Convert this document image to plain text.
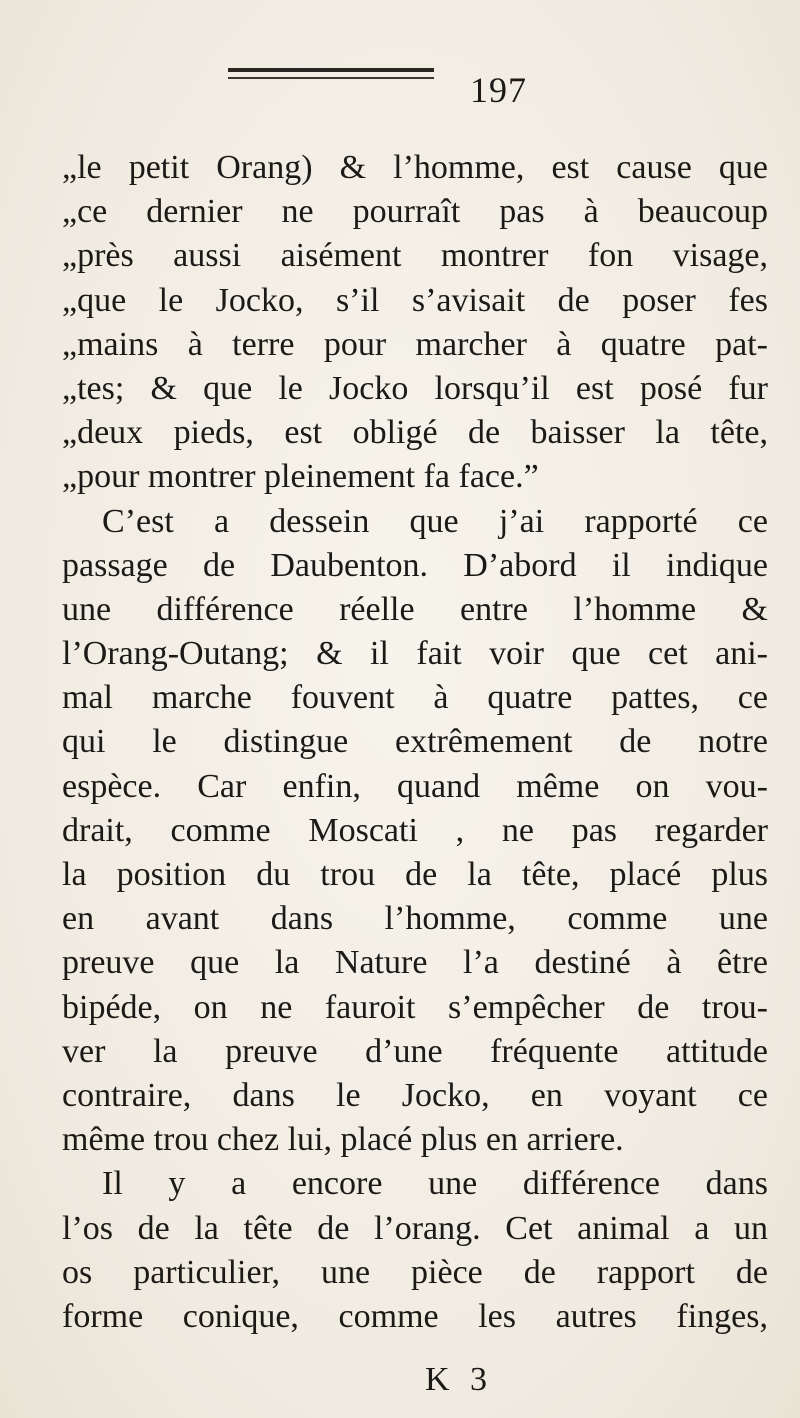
197
„le petit Orang) & l’homme, est cause que
„ce dernier ne pourraît pas à beaucoup
„près aussi aisément montrer fon visage,
„que le Jocko, s’il s’avisait de poser fes
„mains à terre pour marcher à quatre pat-
„tes; & que le Jocko lorsqu’il est posé fur
„deux pieds, est obligé de baisser la tête,
„pour montrer pleinement fa face.”
C’est a dessein que j’ai rapporté ce
passage de Daubenton. D’abord il indique
une différence réelle entre l’homme &
l’Orang-Outang; & il fait voir que cet ani-
mal marche fouvent à quatre pattes, ce
qui le distingue extrêmement de notre
espèce. Car enfin, quand même on vou-
drait, comme Moscati , ne pas regarder
la position du trou de la tête, placé plus
en avant dans l’homme, comme une
preuve que la Nature l’a destiné à être
bipéde, on ne fauroit s’empêcher de trou-
ver la preuve d’une fréquente attitude
contraire, dans le Jocko, en voyant ce
même trou chez lui, placé plus en arriere.
Il y a encore une différence dans
l’os de la tête de l’orang. Cet animal a un
os particulier, une pièce de rapport de
forme conique, comme les autres finges,
K 3
